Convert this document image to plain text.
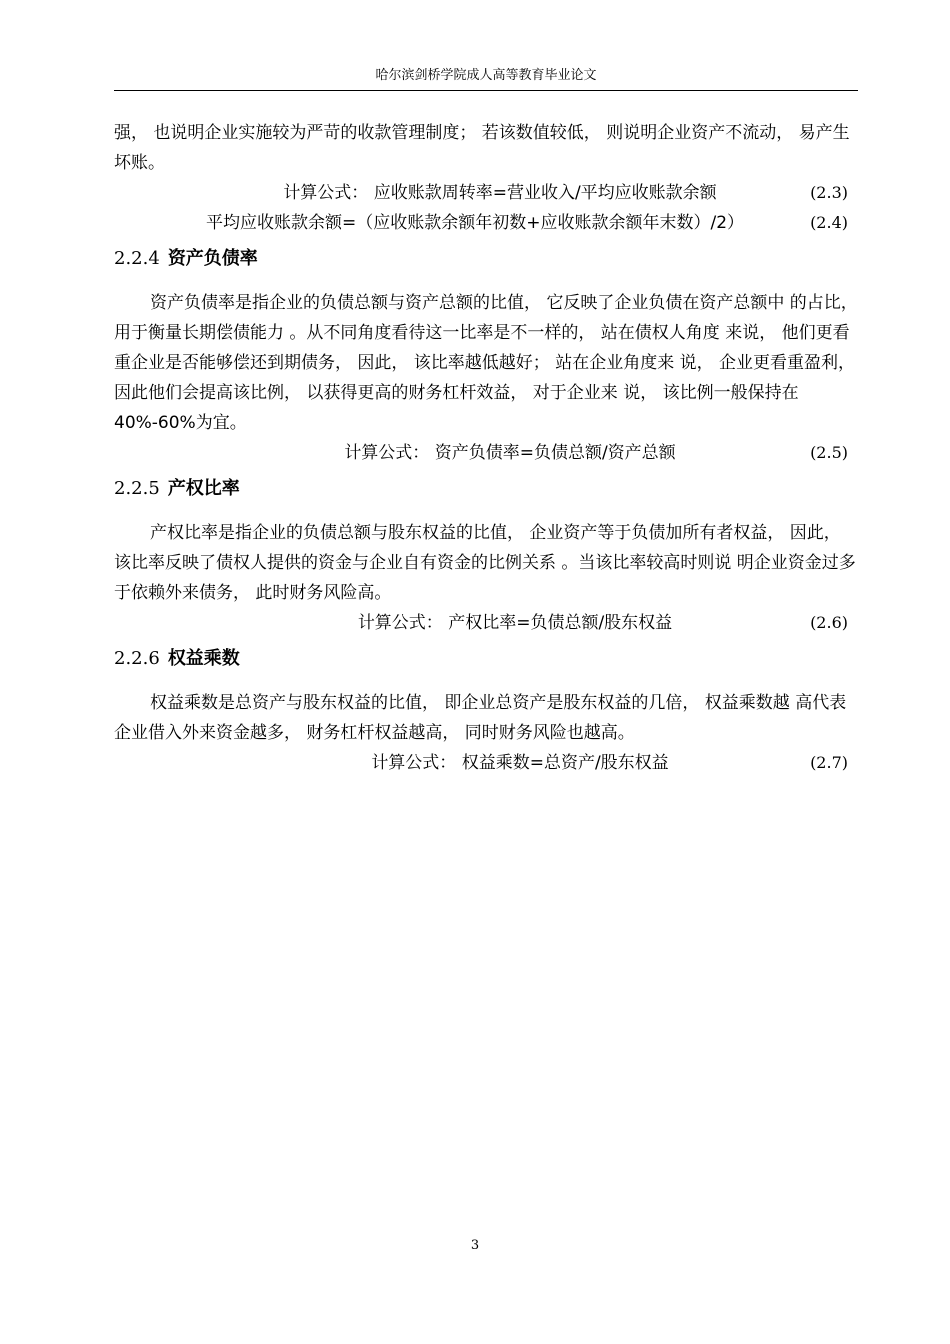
哈尔滨剑桥学院成人高等教育毕业论文

强， 也说明企业实施较为严苛的收款管理制度； 若该数值较低， 则说明企业资产不流动， 易产生坏账。

计算公式： 应收账款周转率=营业收入/平均应收账款余额	(2.3)
平均应收账款余额=（应收账款余额年初数+应收账款余额年末数）/2）	(2.4)
2.2.4 资产负债率

资产负债率是指企业的负债总额与资产总额的比值， 它反映了企业负债在资产总额中 的占比， 用于衡量长期偿债能力 。从不同角度看待这一比率是不一样的， 站在债权人角度 来说， 他们更看重企业是否能够偿还到期债务， 因此， 该比率越低越好； 站在企业角度来 说， 企业更看重盈利， 因此他们会提高该比例， 以获得更高的财务杠杆效益， 对于企业来 说， 该比例一般保持在 40%-60%为宜。

计算公式： 资产负债率=负债总额/资产总额	(2.5)
2.2.5 产权比率

产权比率是指企业的负债总额与股东权益的比值， 企业资产等于负债加所有者权益， 因此， 该比率反映了债权人提供的资金与企业自有资金的比例关系 。当该比率较高时则说 明企业资金过多于依赖外来债务， 此时财务风险高。

计算公式： 产权比率=负债总额/股东权益	(2.6)
2.2.6 权益乘数

权益乘数是总资产与股东权益的比值， 即企业总资产是股东权益的几倍， 权益乘数越 高代表企业借入外来资金越多， 财务杠杆权益越高， 同时财务风险也越高。

计算公式： 权益乘数=总资产/股东权益	(2.7)
3
